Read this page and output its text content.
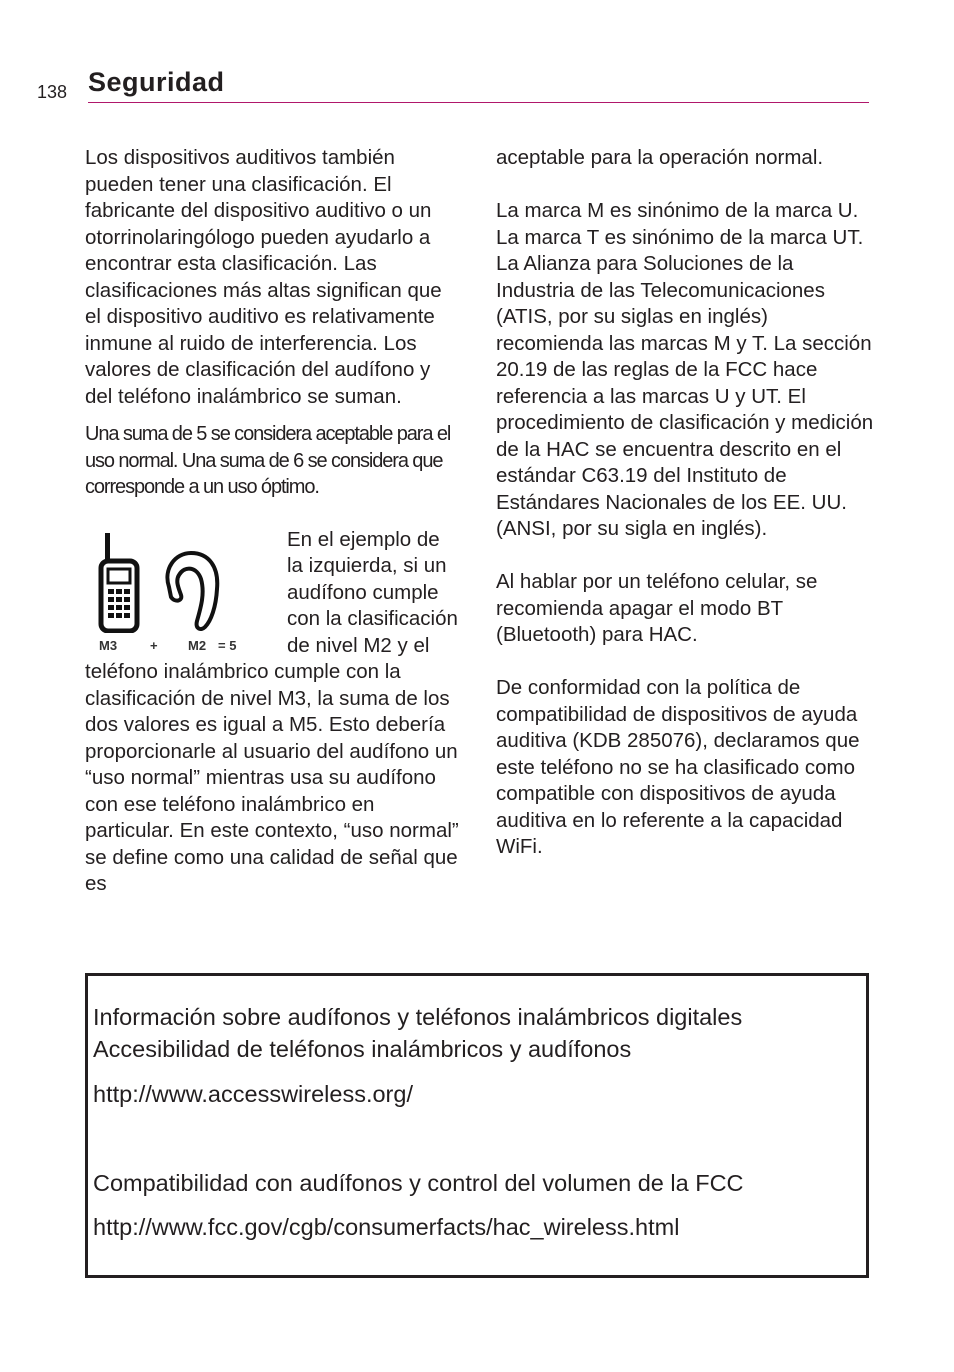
138 Seguridad

Los dispositivos auditivos también pueden tener una clasificación. El fabricante del dispositivo auditivo o un otorrinolaringólogo pueden ayudarlo a encontrar esta clasificación. Las clasificaciones más altas significan que el dispositivo auditivo es relativamente inmune al ruido de interferencia. Los valores de clasificación del audífono y del teléfono inalámbrico se suman.

Una suma de 5 se considera aceptable para el uso normal. Una suma de 6 se considera que corresponde a un uso óptimo.

M3	+ M2 = 5

En el ejemplo de la izquierda, si un audífono cumple con la clasificación de nivel M2 y el teléfono inalámbrico cumple con la clasificación de nivel M3, la suma de los dos valores es igual a M5. Esto debería proporcionarle al usuario del audífono un “uso normal” mientras usa su audífono con ese teléfono inalámbrico en particular. En este contexto, “uso normal” se define como una calidad de señal que es

aceptable para la operación normal.

La marca M es sinónimo de la marca U. La marca T es sinónimo de la marca UT. La Alianza para Soluciones de la Industria de las Telecomunicaciones (ATIS, por su siglas en inglés) recomienda las marcas M y T. La sección 20.19 de las reglas de la FCC hace referencia a las marcas U y UT. El procedimiento de clasificación y medición de la HAC se encuentra descrito en el estándar C63.19 del Instituto de Estándares Nacionales de los EE. UU. (ANSI, por su sigla en inglés).

Al hablar por un teléfono celular, se recomienda apagar el modo BT (Bluetooth) para HAC.

De conformidad con la política de compatibilidad de dispositivos de ayuda auditiva (KDB 285076), declaramos que este teléfono no se ha clasificado como compatible con dispositivos de ayuda auditiva en lo referente a la capacidad WiFi.

Información sobre audífonos y teléfonos inalámbricos digitales
Accesibilidad de teléfonos inalámbricos y audífonos
http://www.accesswireless.org/
Compatibilidad con audífonos y control del volumen de la FCC
http://www.fcc.gov/cgb/consumerfacts/hac_wireless.html
